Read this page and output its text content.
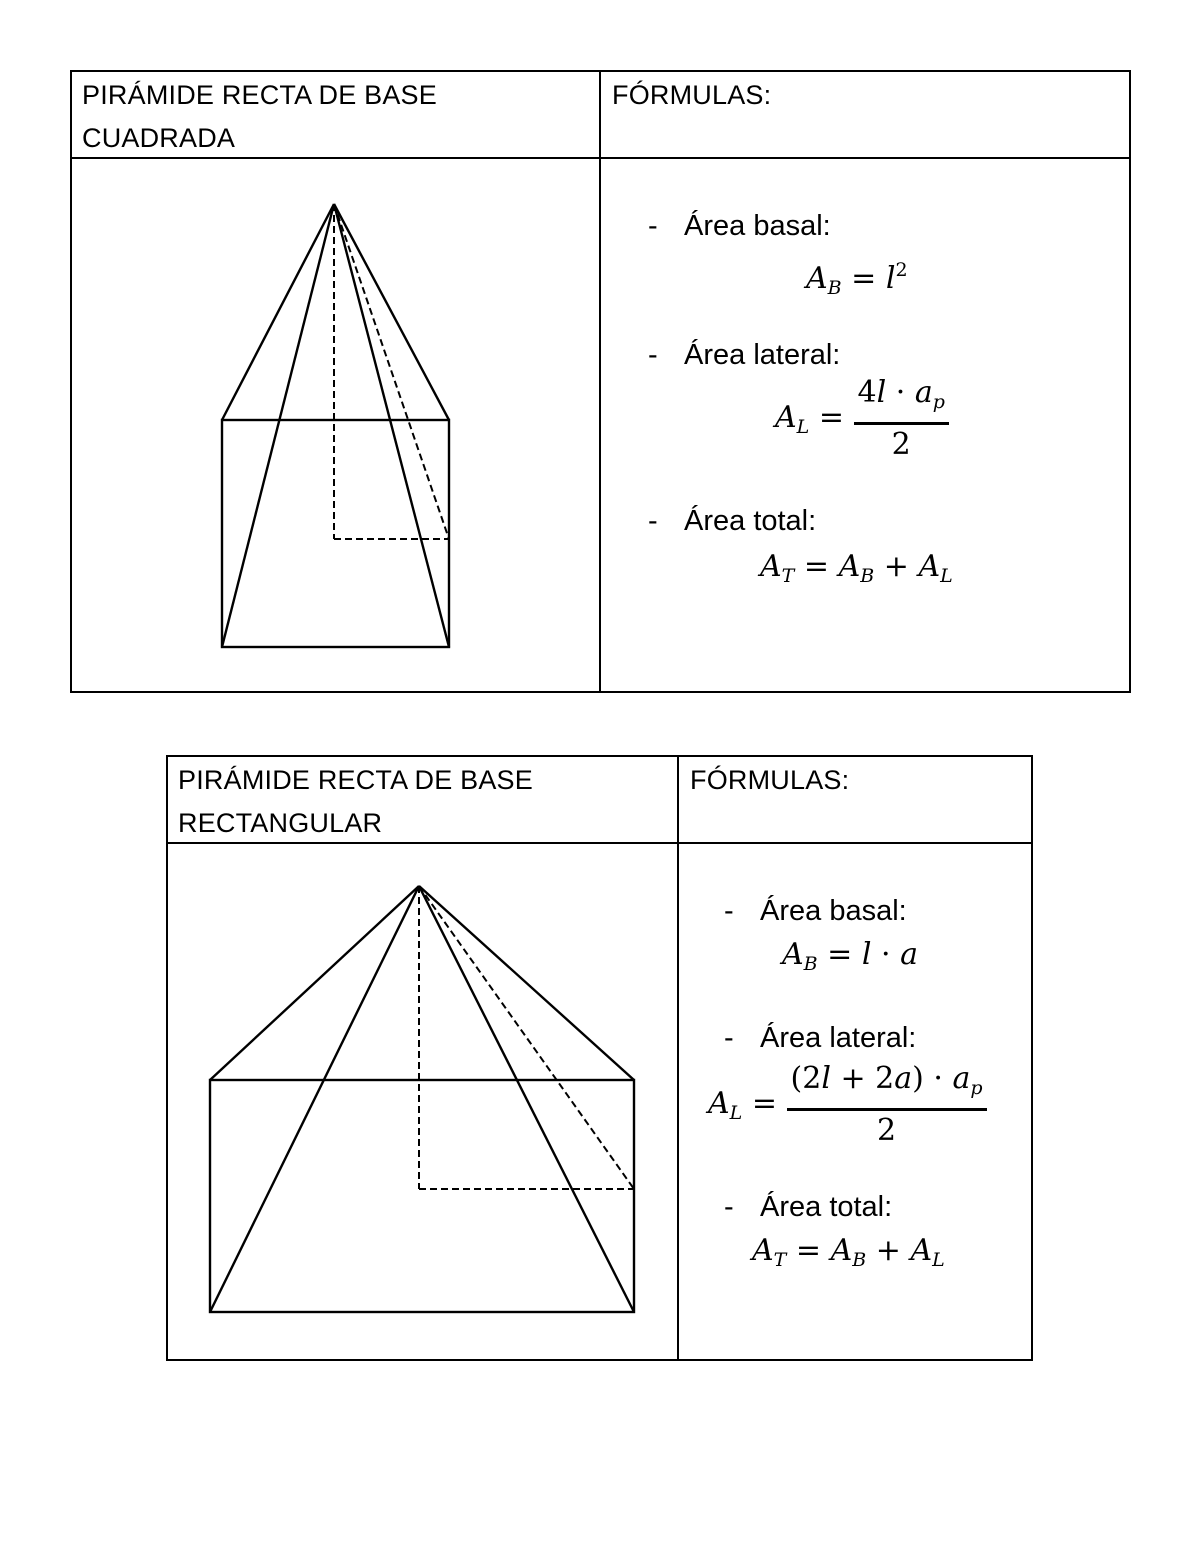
PIRÁMIDE RECTA DE BASE
CUADRADA
FÓRMULAS:
- Área basal:
$A_B = l^2$
- Área lateral:
$A_L = \frac{4l \cdot a_p}{2}$
- Área total:
$A_T = A_B + A_L$
PIRÁMIDE RECTA DE BASE
RECTANGULAR
FÓRMULAS:
- Área basal:
$A_B = l \cdot a$
- Área lateral:
$A_L = \frac{(2l + 2a) \cdot a_p}{2}$
- Área total:
$A_T = A_B + A_L$
